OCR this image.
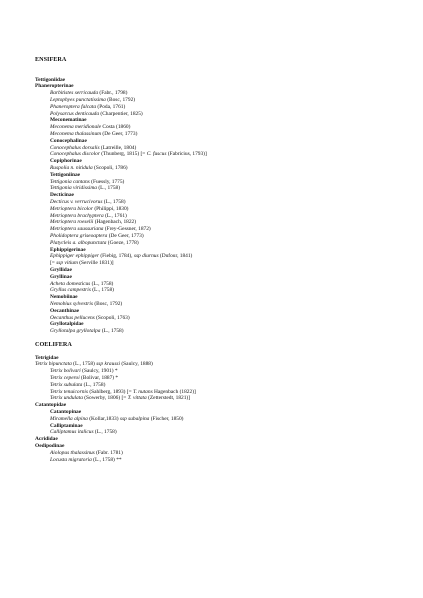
ENSIFERA
Tettigoniidae
Phaneropterinae
Barbitistes serricauda (Fabr., 1798)
Leptophyes punctatissima (Bosc, 1792)
Phaneroptera falcata (Poda, 1761)
Polysarcus denticauda (Charpentier, 1825)
Meconematinae
Meconema meridionale Costa (1860)
Meconema thalassinum (De Geer, 1773)
Conocephalinae
Conocephalus dorsalis (Latreille, 1804)
Conocephalus discolor (Thunberg, 1815) [= C. fuscus (Fabricius, 1793)]
Copiphorinae
Ruspolia n. nitidula (Scopoli, 1786)
Tettigoniinae
Tettigonia cantans (Fuessly, 1775)
Tettigonia viridissima (L., 1758)
Decticinae
Decticus v. verrucivorus (L., 1758)
Metrioptera bicolor (Philippi, 1830)
Metrioptera brachyptera (L., 1761)
Metrioptera roeselii (Hagenbach, 1822)
Metrioptera saussuriana (Frey-Gessner, 1872)
Pholidoptera griseoaptera (De Geer, 1773)
Platycleis a. albopunctata (Goeze, 1778)
Ephippigerinae
Ephippiger ephippiger (Fiebig, 1784), ssp diurnus (Dufour, 1841)
[= ssp vitium (Serville 1831)]
Gryllidae
Gryllinae
Acheta domesticus (L., 1758)
Gryllus campestris (L., 1758)
Nemobiinae
Nemobius sylvestris (Bosc, 1792)
Oecanthinae
Oecanthus pellucens (Scopoli, 1763)
Gryllotalpidae
Gryllotalpa gryllotalpa (L., 1758)
COELIFERA
Tetrigidae
Tetrix bipunctata (L., 1758) ssp kraussi (Saulcy, 1888)
Tetrix bolivari (Saulcy, 1901) *
Tetrix ceperoi (Bolivar, 1887) *
Tetrix subulata (L., 1758)
Tetrix tenuicornis (Sahlberg, 1893) [= T. nutans Hagenbach (1822)]
Tetrix undulata (Sowerby, 1806) [= T. vittata (Zetterstedt, 1821)]
Catantopidae
Catantopinae
Miramella alpina (Kollar,1833) ssp subalpina (Fischer, 1850)
Calliptaminae
Calliptamus italicus (L., 1758)
Acrididae
Oedipodinae
Aiolopus thalassinus (Fabr. 1781)
Locusta migratoria (L., 1758) **
